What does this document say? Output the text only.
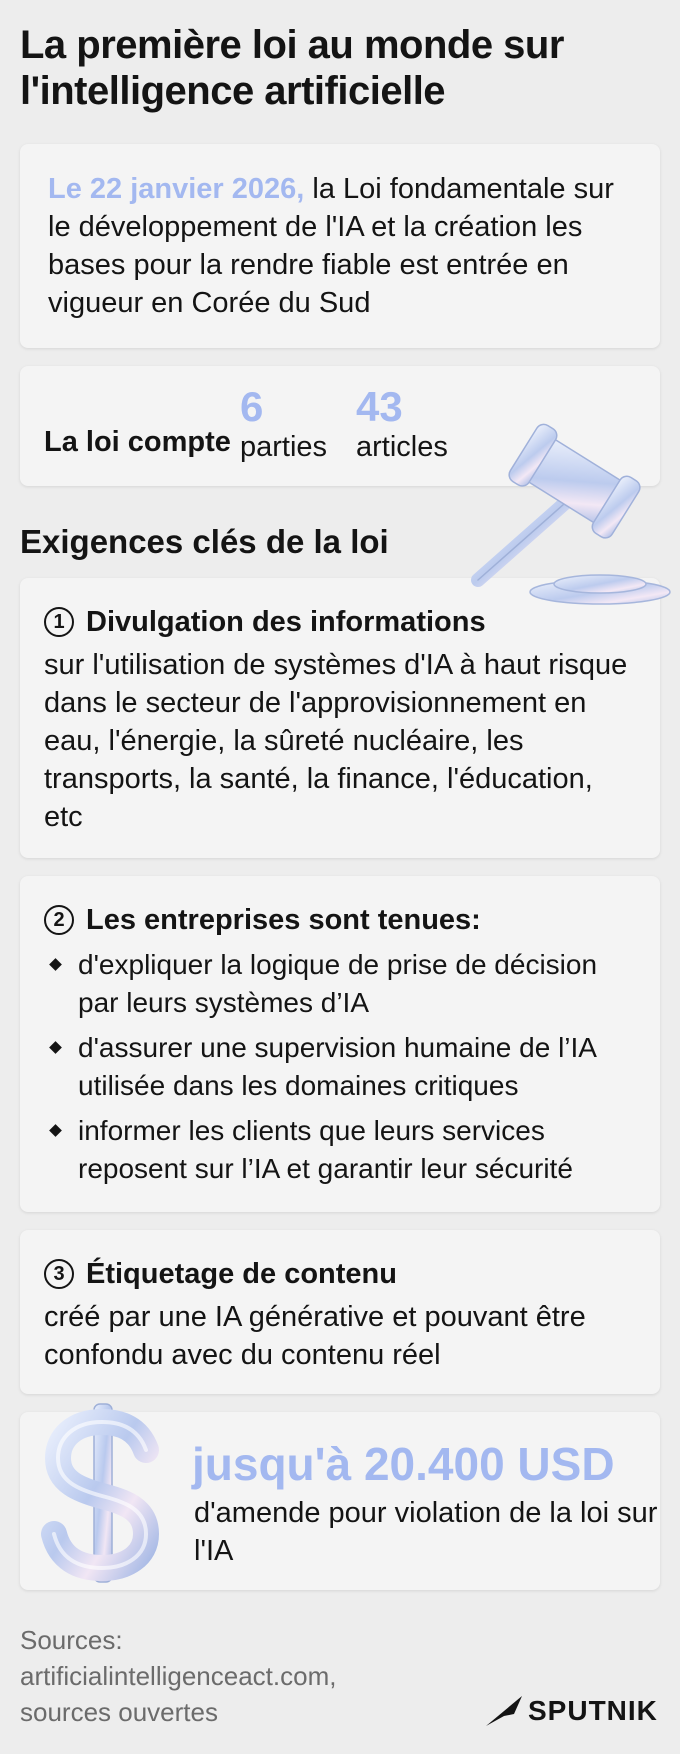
La première loi au monde sur l'intelligence artificielle
Le 22 janvier 2026, la Loi fondamentale sur le développement de l'IA et la création les bases pour la rendre fiable est entrée en vigueur en Corée du Sud
La loi compte
6
parties
43
articles
Exigences clés de la loi
1 Divulgation des informations
sur l'utilisation de systèmes d'IA à haut risque dans le secteur de l'approvisionnement en eau, l'énergie, la sûreté nucléaire, les transports, la santé, la finance, l'éducation, etc
2 Les entreprises sont tenues:
d'expliquer la logique de prise de décision par leurs systèmes d’IA
d'assurer une supervision humaine de l’IA utilisée dans les domaines critiques
informer les clients que leurs services reposent sur l’IA et garantir leur sécurité
3 Étiquetage de contenu
créé par une IA générative et pouvant être confondu avec du contenu réel
jusqu'à 20.400 USD
d'amende pour violation de la loi sur l'IA
Sources:
artificialintelligenceact.com,
sources ouvertes	SPUTNIK
